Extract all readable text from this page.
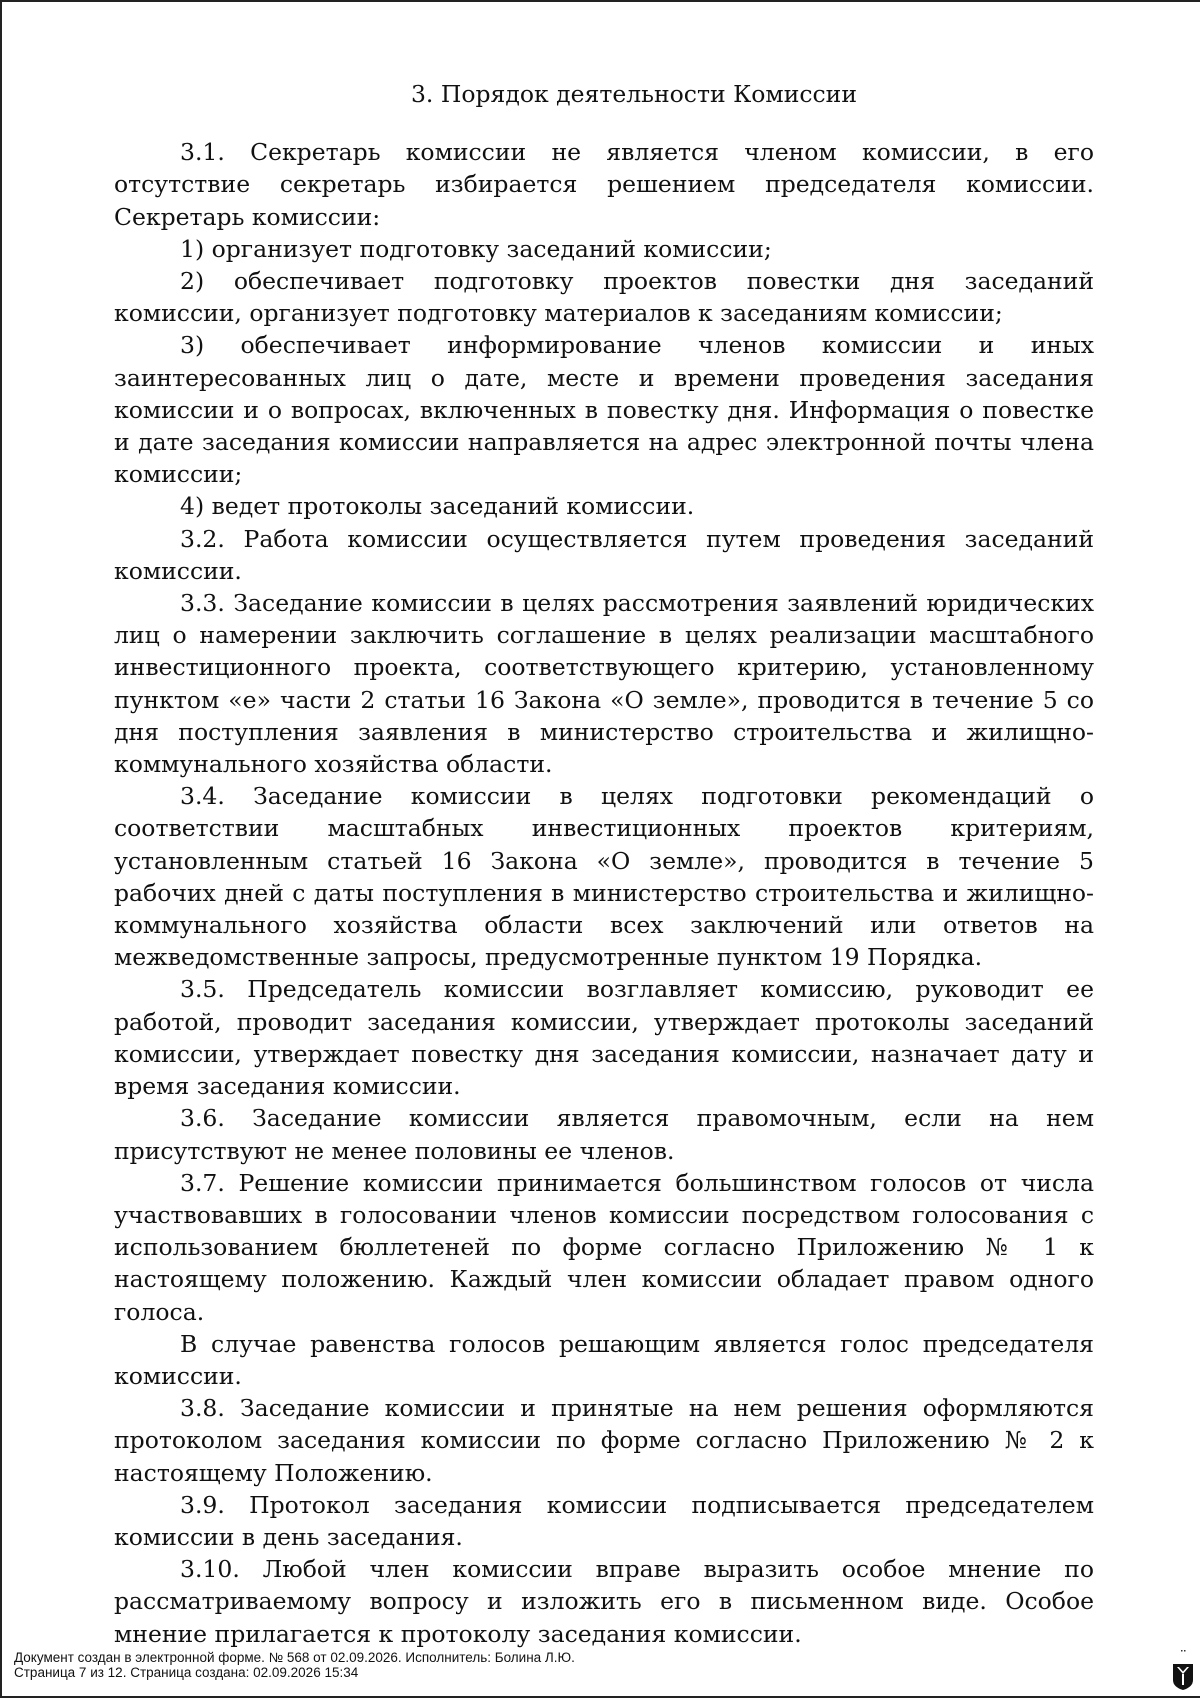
3. Порядок деятельности Комиссии

3.1. Секретарь комиссии не является членом комиссии, в его отсутствие секретарь избирается решением председателя комиссии. Секретарь комиссии:

1) организует подготовку заседаний комиссии;

2) обеспечивает подготовку проектов повестки дня заседаний комиссии, организует подготовку материалов к заседаниям комиссии;

3) обеспечивает информирование членов комиссии и иных заинтересованных лиц о дате, месте и времени проведения заседания комиссии и о вопросах, включенных в повестку дня. Информация о повестке и дате заседания комиссии направляется на адрес электронной почты члена комиссии;

4) ведет протоколы заседаний комиссии.

3.2. Работа комиссии осуществляется путем проведения заседаний комиссии.

3.3. Заседание комиссии в целях рассмотрения заявлений юридических лиц о намерении заключить соглашение в целях реализации масштабного инвестиционного проекта, соответствующего критерию, установленному пунктом «е» части 2 статьи 16 Закона «О земле», проводится в течение 5 со дня поступления заявления в министерство строительства и жилищно-коммунального хозяйства области.

3.4. Заседание комиссии в целях подготовки рекомендаций о соответствии масштабных инвестиционных проектов критериям, установленным статьей 16 Закона «О земле», проводится в течение 5 рабочих дней с даты поступления в министерство строительства и жилищно-коммунального хозяйства области всех заключений или ответов на межведомственные запросы, предусмотренные пунктом 19 Порядка.

3.5. Председатель комиссии возглавляет комиссию, руководит ее работой, проводит заседания комиссии, утверждает протоколы заседаний комиссии, утверждает повестку дня заседания комиссии, назначает дату и время заседания комиссии.

3.6. Заседание комиссии является правомочным, если на нем присутствуют не менее половины ее членов.

3.7. Решение комиссии принимается большинством голосов от числа участвовавших в голосовании членов комиссии посредством голосования с использованием бюллетеней по форме согласно Приложению № 1 к настоящему положению. Каждый член комиссии обладает правом одного голоса.

В случае равенства голосов решающим является голос председателя комиссии.

3.8. Заседание комиссии и принятые на нем решения оформляются протоколом заседания комиссии по форме согласно Приложению № 2 к настоящему Положению.

3.9. Протокол заседания комиссии подписывается председателем комиссии в день заседания.

3.10. Любой член комиссии вправе выразить особое мнение по рассматриваемому вопросу и изложить его в письменном виде. Особое мнение прилагается к протоколу заседания комиссии.

Документ создан в электронной форме. № 568 от 02.09.2026. Исполнитель: Болина Л.Ю.
Страница 7 из 12. Страница создана: 02.09.2026 15:34
